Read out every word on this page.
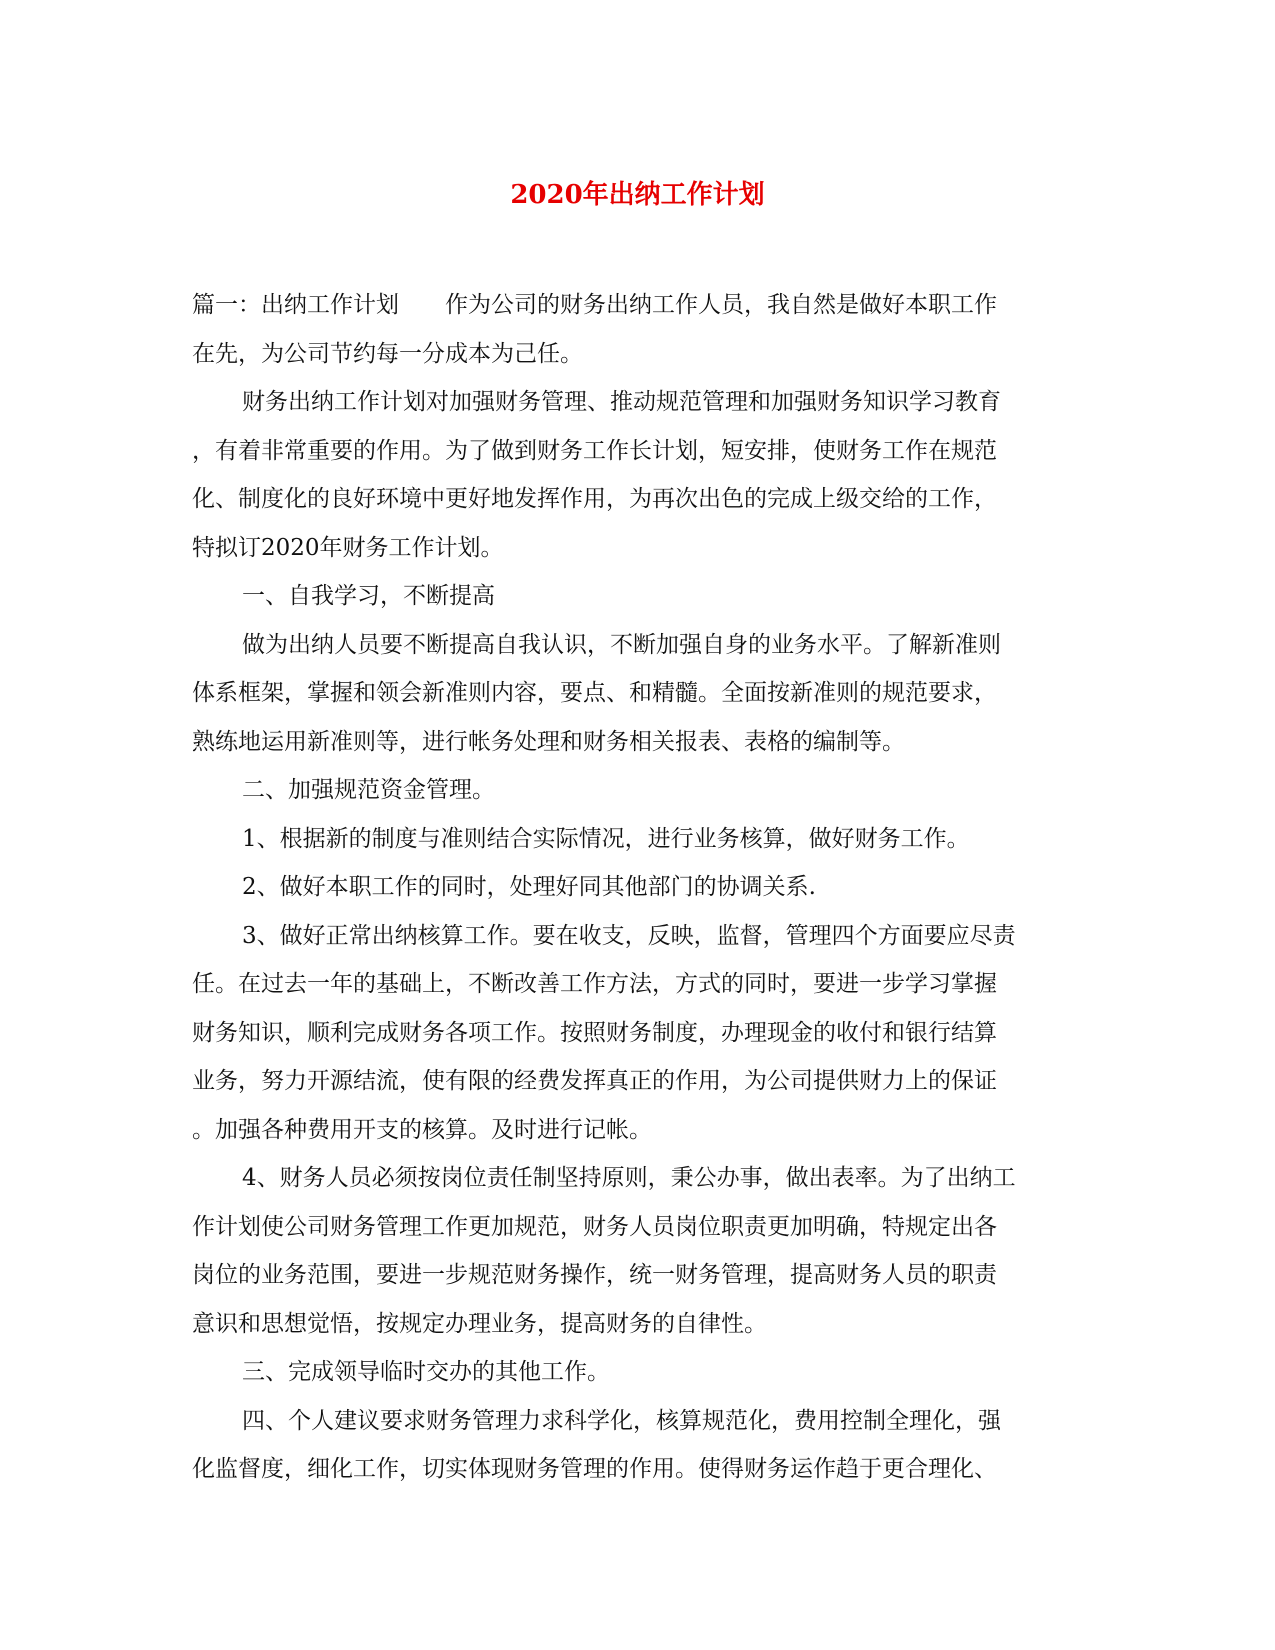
2020年出纳工作计划
篇一：出纳工作计划　　作为公司的财务出纳工作人员，我自然是做好本职工作
在先，为公司节约每一分成本为己任。
财务出纳工作计划对加强财务管理、推动规范管理和加强财务知识学习教育
，有着非常重要的作用。为了做到财务工作长计划，短安排，使财务工作在规范
化、制度化的良好环境中更好地发挥作用，为再次出色的完成上级交给的工作，
特拟订2020年财务工作计划。
一、自我学习，不断提高
做为出纳人员要不断提高自我认识，不断加强自身的业务水平。了解新准则
体系框架，掌握和领会新准则内容，要点、和精髓。全面按新准则的规范要求，
熟练地运用新准则等，进行帐务处理和财务相关报表、表格的编制等。
二、加强规范资金管理。
1、根据新的制度与准则结合实际情况，进行业务核算，做好财务工作。
2、做好本职工作的同时，处理好同其他部门的协调关系.
3、做好正常出纳核算工作。要在收支，反映，监督，管理四个方面要应尽责
任。在过去一年的基础上，不断改善工作方法，方式的同时，要进一步学习掌握
财务知识，顺利完成财务各项工作。按照财务制度，办理现金的收付和银行结算
业务，努力开源结流，使有限的经费发挥真正的作用，为公司提供财力上的保证
。加强各种费用开支的核算。及时进行记帐。
4、财务人员必须按岗位责任制坚持原则，秉公办事，做出表率。为了出纳工
作计划使公司财务管理工作更加规范，财务人员岗位职责更加明确，特规定出各
岗位的业务范围，要进一步规范财务操作，统一财务管理，提高财务人员的职责
意识和思想觉悟，按规定办理业务，提高财务的自律性。
三、完成领导临时交办的其他工作。
四、个人建议要求财务管理力求科学化，核算规范化，费用控制全理化，强
化监督度，细化工作，切实体现财务管理的作用。使得财务运作趋于更合理化、
